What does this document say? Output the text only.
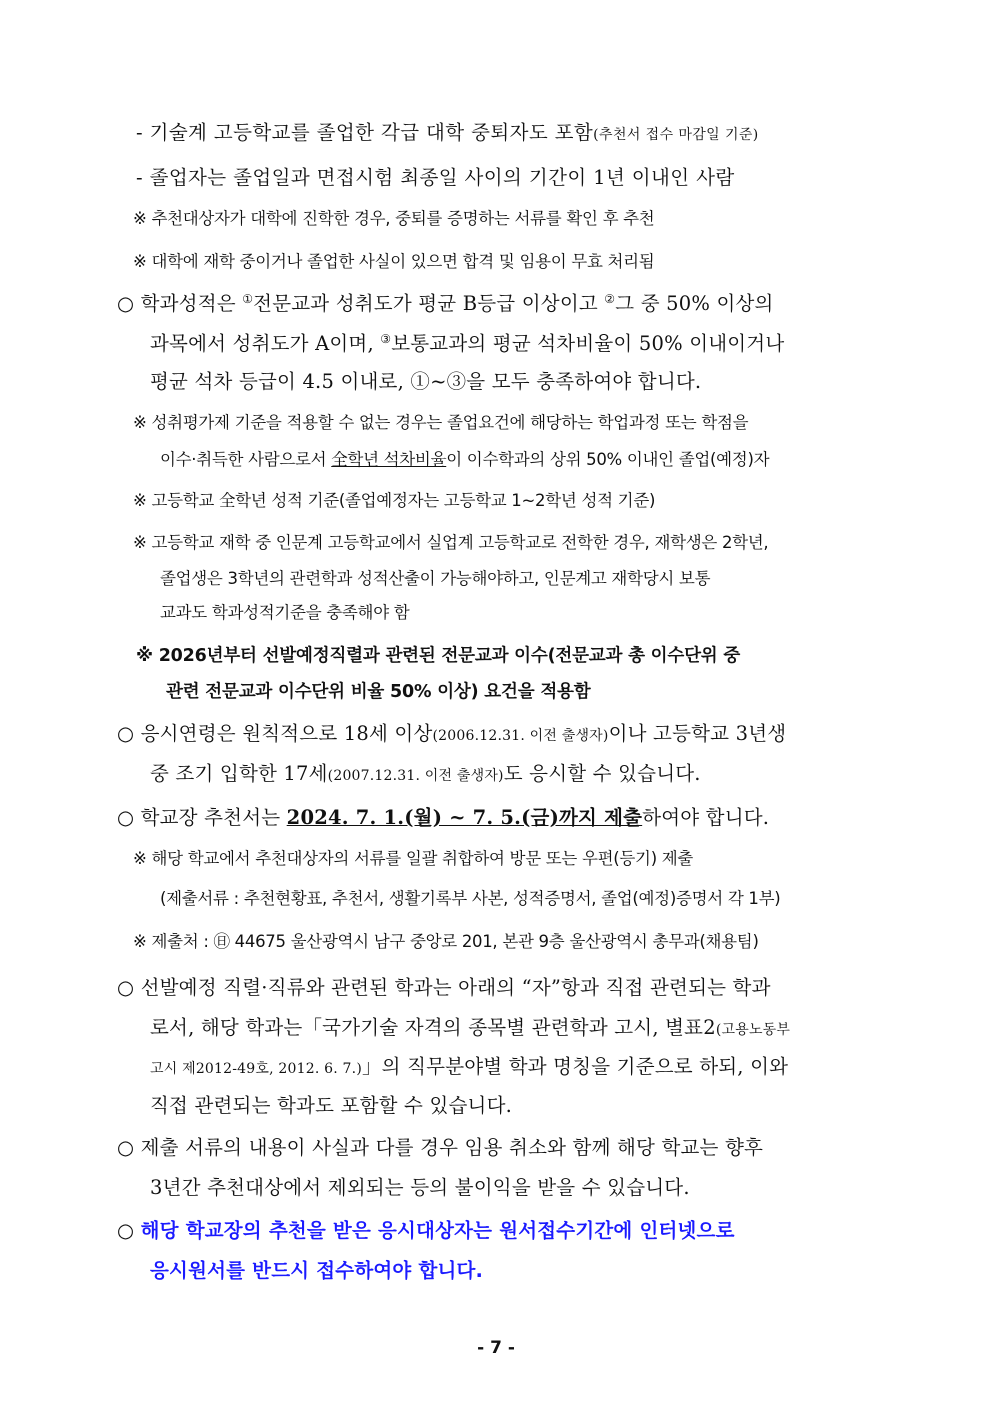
- 기술계 고등학교를 졸업한 각급 대학 중퇴자도 포함(추천서 접수 마감일 기준)
- 졸업자는 졸업일과 면접시험 최종일 사이의 기간이 1년 이내인 사람
※ 추천대상자가 대학에 진학한 경우, 중퇴를 증명하는 서류를 확인 후 추천
※ 대학에 재학 중이거나 졸업한 사실이 있으면 합격 및 임용이 무효 처리됨
○ 학과성적은 ①전문교과 성취도가 평균 B등급 이상이고 ②그 중 50% 이상의
과목에서 성취도가 A이며, ③보통교과의 평균 석차비율이 50% 이내이거나
평균 석차 등급이 4.5 이내로, ①~③을 모두 충족하여야 합니다.
※ 성취평가제 기준을 적용할 수 없는 경우는 졸업요건에 해당하는 학업과정 또는 학점을
이수·취득한 사람으로서 全학년 석차비율이 이수학과의 상위 50% 이내인 졸업(예정)자
※ 고등학교 全학년 성적 기준(졸업예정자는 고등학교 1~2학년 성적 기준)
※ 고등학교 재학 중 인문계 고등학교에서 실업계 고등학교로 전학한 경우, 재학생은 2학년,
졸업생은 3학년의 관련학과 성적산출이 가능해야하고, 인문계고 재학당시 보통
교과도 학과성적기준을 충족해야 함
※ 2026년부터 선발예정직렬과 관련된 전문교과 이수(전문교과 총 이수단위 중
관련 전문교과 이수단위 비율 50% 이상) 요건을 적용함
○ 응시연령은 원칙적으로 18세 이상(2006.12.31. 이전 출생자)이나 고등학교 3년생
중 조기 입학한 17세(2007.12.31. 이전 출생자)도 응시할 수 있습니다.
○ 학교장 추천서는 2024. 7. 1.(월) ~ 7. 5.(금)까지 제출하여야 합니다.
※ 해당 학교에서 추천대상자의 서류를 일괄 취합하여 방문 또는 우편(등기) 제출
(제출서류 : 추천현황표, 추천서, 생활기록부 사본, 성적증명서, 졸업(예정)증명서 각 1부)
※ 제출처 : ㊐ 44675 울산광역시 남구 중앙로 201, 본관 9층 울산광역시 총무과(채용팀)
○ 선발예정 직렬·직류와 관련된 학과는 아래의 “자”항과 직접 관련되는 학과
로서, 해당 학과는「국가기술 자격의 종목별 관련학과 고시, 별표2(고용노동부
고시 제2012-49호, 2012. 6. 7.)」의 직무분야별 학과 명칭을 기준으로 하되, 이와
직접 관련되는 학과도 포함할 수 있습니다.
○ 제출 서류의 내용이 사실과 다를 경우 임용 취소와 함께 해당 학교는 향후
3년간 추천대상에서 제외되는 등의 불이익을 받을 수 있습니다.
○ 해당 학교장의 추천을 받은 응시대상자는 원서접수기간에 인터넷으로
응시원서를 반드시 접수하여야 합니다.
- 7 -
